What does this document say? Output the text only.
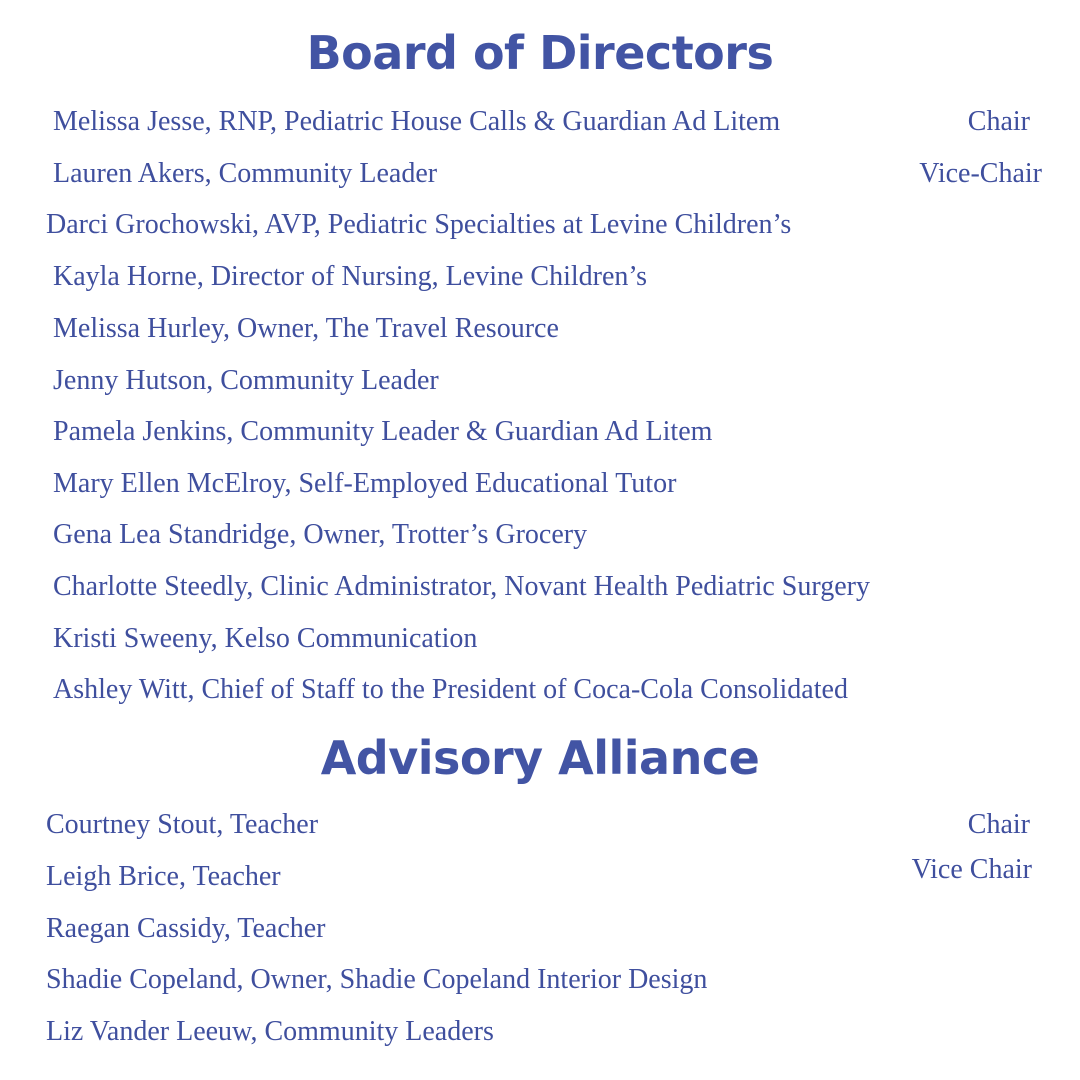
Board of Directors
Melissa Jesse, RNP, Pediatric House Calls & Guardian Ad Litem
Lauren Akers, Community Leader
Darci Grochowski, AVP, Pediatric Specialties at Levine Children’s
Kayla Horne, Director of Nursing, Levine Children’s
Melissa Hurley, Owner, The Travel Resource
Jenny Hutson, Community Leader
Pamela Jenkins, Community Leader & Guardian Ad Litem
Mary Ellen McElroy, Self-Employed Educational Tutor
Gena Lea Standridge, Owner, Trotter’s Grocery
Charlotte Steedly, Clinic Administrator, Novant Health Pediatric Surgery
Kristi Sweeny, Kelso Communication
Ashley Witt, Chief of Staff to the President of Coca-Cola Consolidated
Chair
Vice-Chair
Advisory Alliance
Courtney Stout, Teacher
Leigh Brice, Teacher
Raegan Cassidy, Teacher
Shadie Copeland, Owner, Shadie Copeland Interior Design
Liz Vander Leeuw, Community Leaders
Chair
Vice Chair
